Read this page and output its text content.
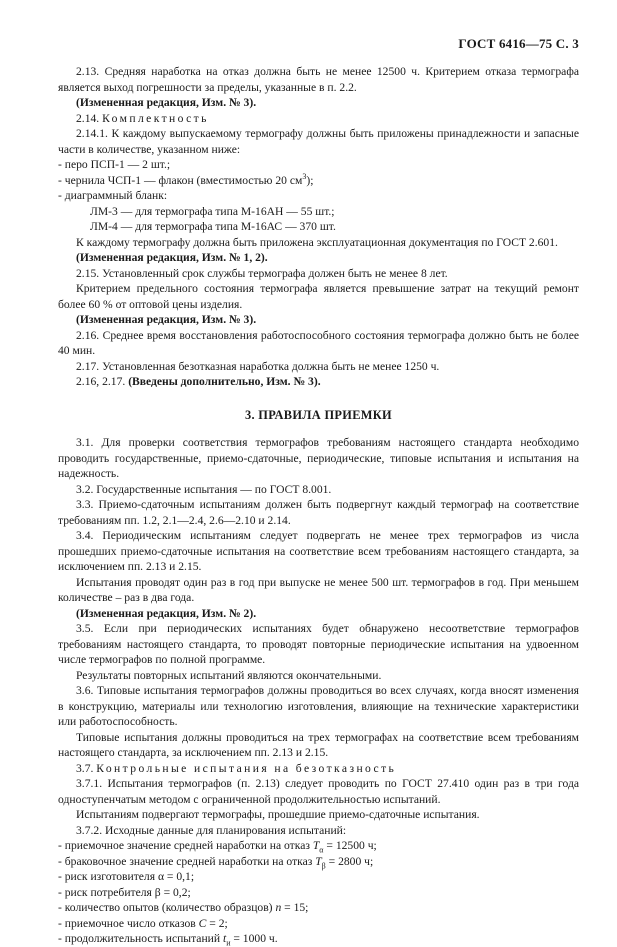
ГОСТ 6416—75 С. 3

2.13. Средняя наработка на отказ должна быть не менее 12500 ч. Критерием отказа термографа является выход погрешности за пределы, указанные в п. 2.2.

(Измененная редакция, Изм. № 3).

2.14. Комплектность

2.14.1. К каждому выпускаемому термографу должны быть приложены принадлежности и запасные части в количестве, указанном ниже:

- перо ПСП-1 — 2 шт.;

- чернила ЧСП-1 — флакон (вместимостью 20 $см^3$);

- диаграммный бланк:

ЛМ-3 — для термографа типа М-16АН — 55 шт.;

ЛМ-4 — для термографа типа М-16АС — 370 шт.

К каждому термографу должна быть приложена эксплуатационная документация по ГОСТ 2.601.

(Измененная редакция, Изм. № 1, 2).

2.15. Установленный срок службы термографа должен быть не менее 8 лет.

Критерием предельного состояния термографа является превышение затрат на текущий ремонт более 60 % от оптовой цены изделия.

(Измененная редакция, Изм. № 3).

2.16. Среднее время восстановления работоспособного состояния термографа должно быть не более 40 мин.

2.17. Установленная безотказная наработка должна быть не менее 1250 ч.

2.16, 2.17. (Введены дополнительно, Изм. № 3).

3. ПРАВИЛА ПРИЕМКИ

3.1. Для проверки соответствия термографов требованиям настоящего стандарта необходимо проводить государственные, приемо-сдаточные, периодические, типовые испытания и испытания на надежность.

3.2. Государственные испытания — по ГОСТ 8.001.

3.3. Приемо-сдаточным испытаниям должен быть подвергнут каждый термограф на соответствие требованиям пп. 1.2, 2.1—2.4, 2.6—2.10 и 2.14.

3.4. Периодическим испытаниям следует подвергать не менее трех термографов из числа прошедших приемо-сдаточные испытания на соответствие всем требованиям настоящего стандарта, за исключением пп. 2.13 и 2.15.

Испытания проводят один раз в год при выпуске не менее 500 шт. термографов в год. При меньшем количестве – раз в два года.

(Измененная редакция, Изм. № 2).

3.5. Если при периодических испытаниях будет обнаружено несоответствие термографов требованиям настоящего стандарта, то проводят повторные периодические испытания на удвоенном числе термографов по полной программе.

Результаты повторных испытаний являются окончательными.

3.6. Типовые испытания термографов должны проводиться во всех случаях, когда вносят изменения в конструкцию, материалы или технологию изготовления, влияющие на технические характеристики или работоспособность.

Типовые испытания должны проводиться на трех термографах на соответствие всем требованиям настоящего стандарта, за исключением пп. 2.13 и 2.15.

3.7. Контрольные испытания на безотказность

3.7.1. Испытания термографов (п. 2.13) следует проводить по ГОСТ 27.410 один раз в три года одноступенчатым методом с ограниченной продолжительностью испытаний.

Испытаниям подвергают термографы, прошедшие приемо-сдаточные испытания.

3.7.2. Исходные данные для планирования испытаний:

- приемочное значение средней наработки на отказ $T_\alpha = 12500$ ч;

- браковочное значение средней наработки на отказ $T_\beta = 2800$ ч;

- риск изготовителя α = 0,1;

- риск потребителя β = 0,2;

- количество опытов (количество образцов) n = 15;

- приемочное число отказов C = 2;

- продолжительность испытаний $t_и = 1000$ ч.
